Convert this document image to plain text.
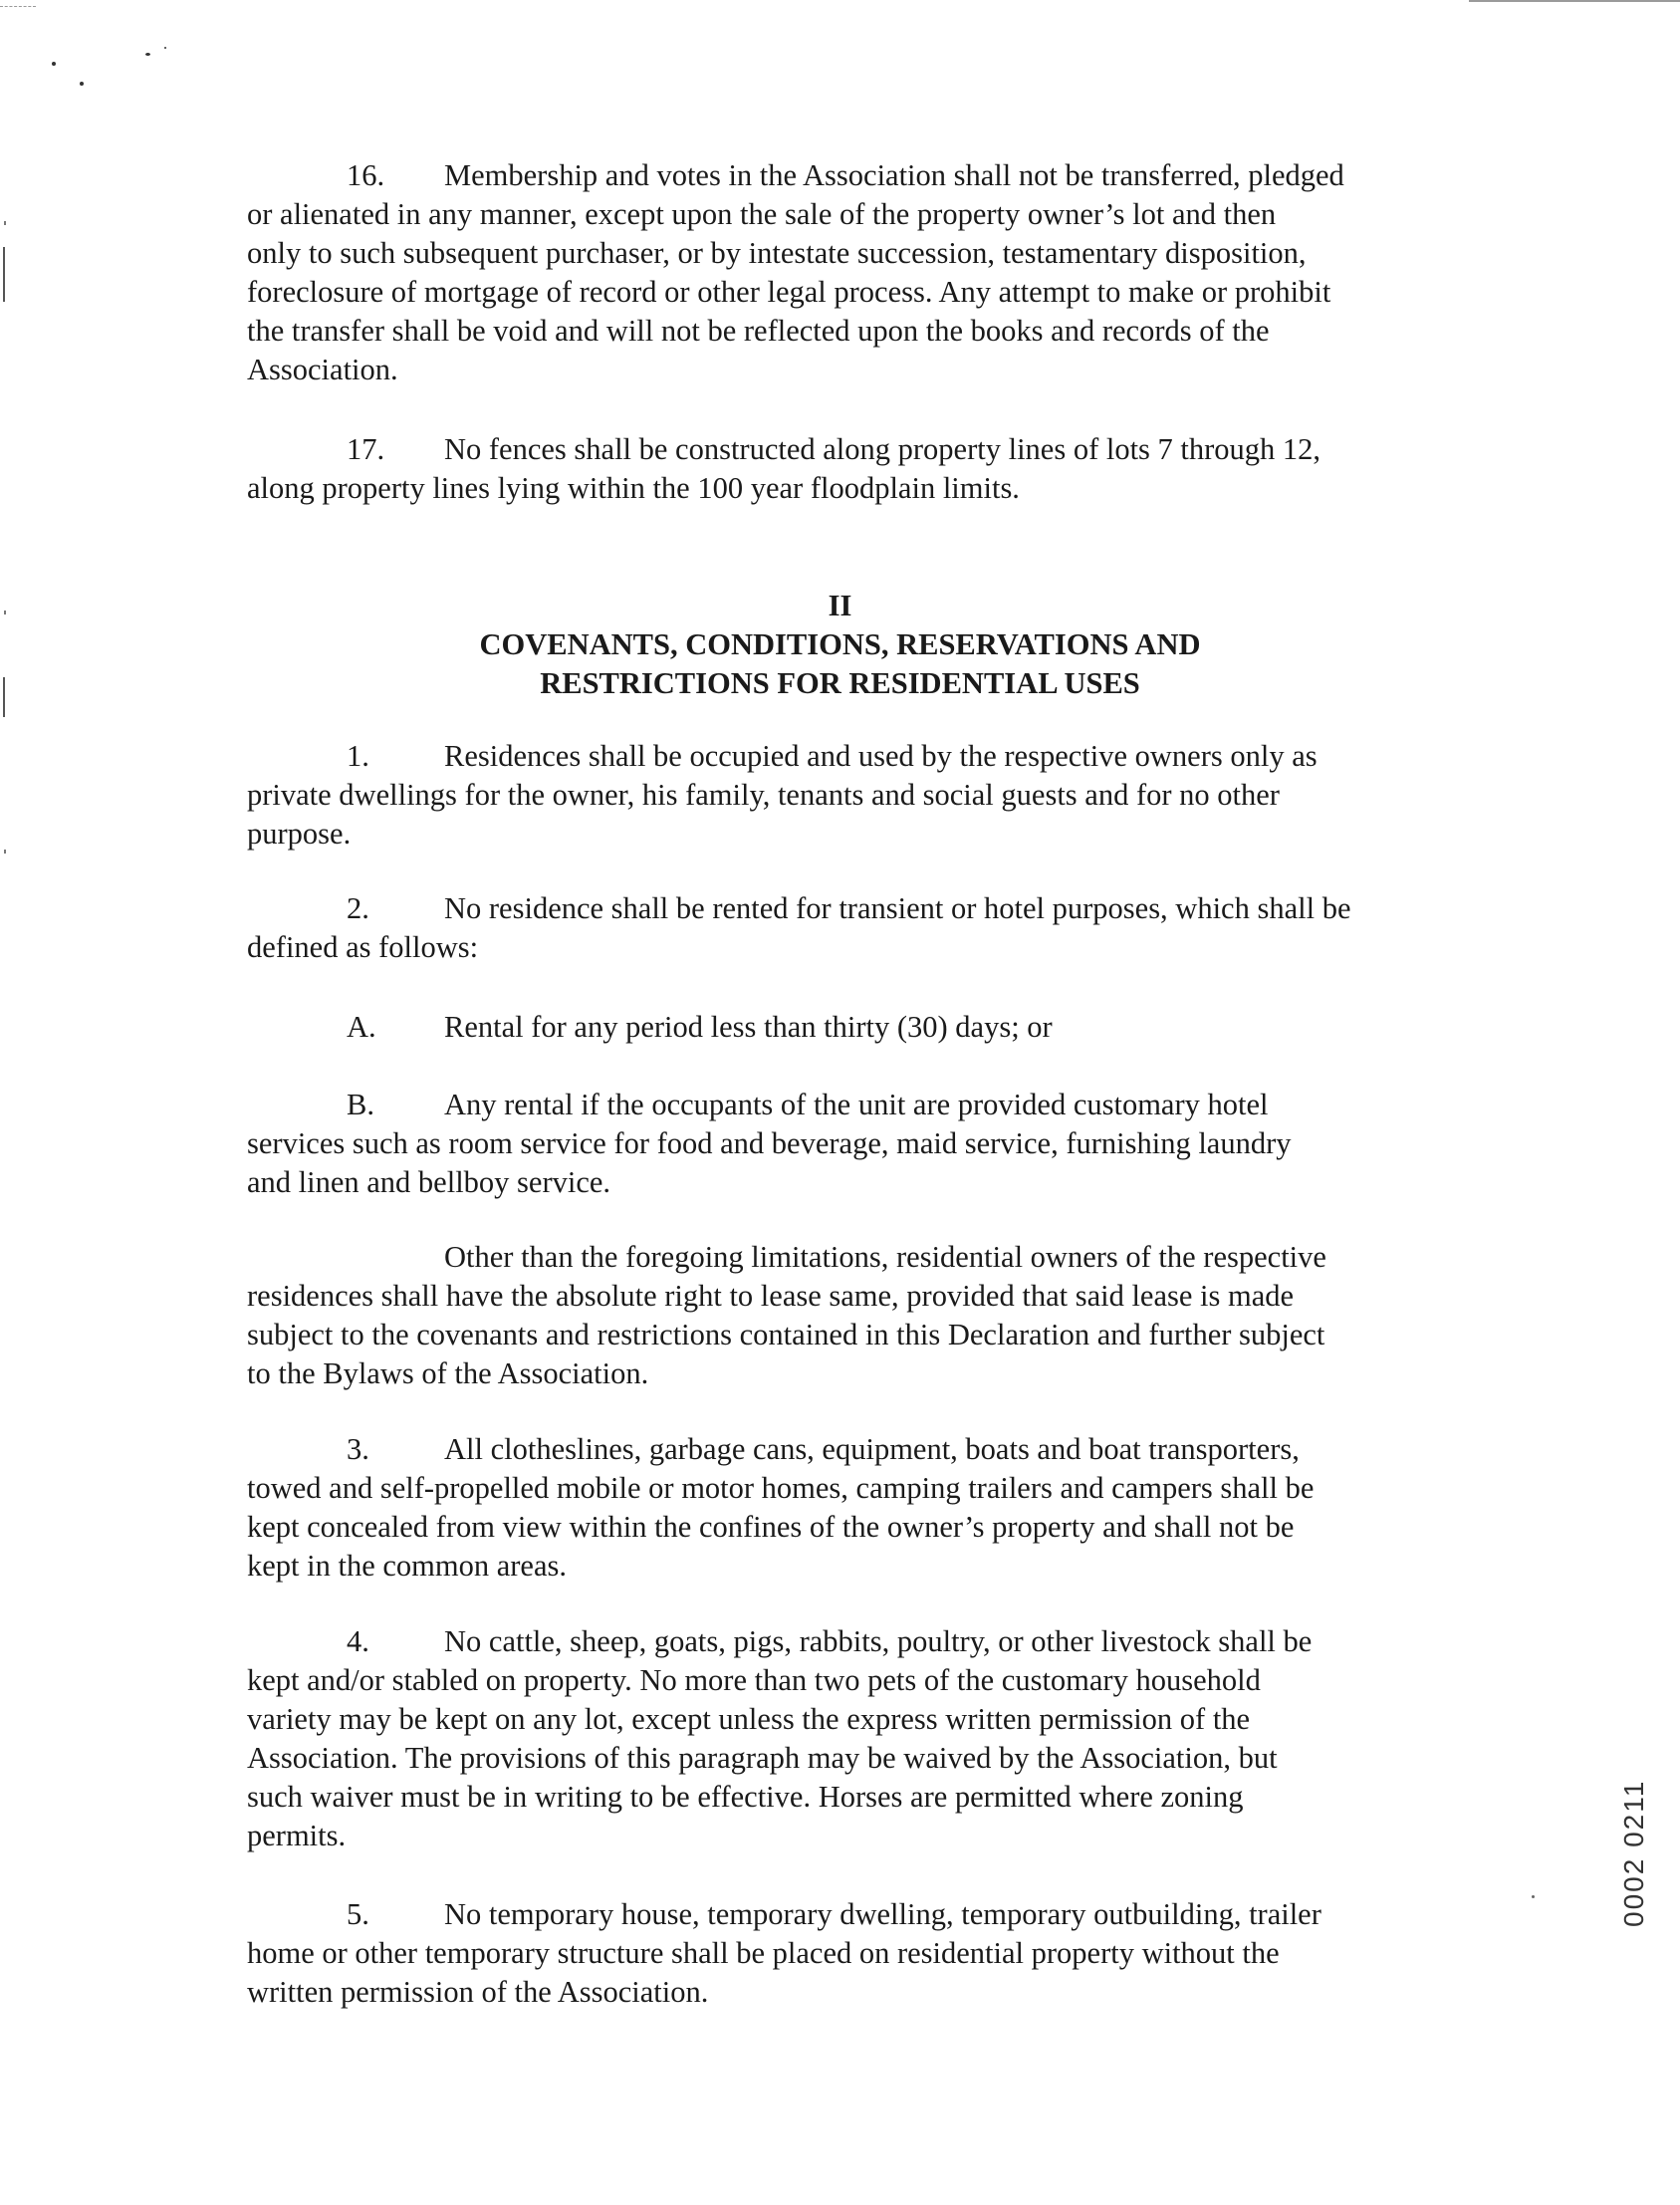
16. Membership and votes in the Association shall not be transferred, pledged
or alienated in any manner, except upon the sale of the property owner’s lot and then
only to such subsequent purchaser, or by intestate succession, testamentary disposition,
foreclosure of mortgage of record or other legal process. Any attempt to make or prohibit
the transfer shall be void and will not be reflected upon the books and records of the
Association.
17. No fences shall be constructed along property lines of lots 7 through 12,
along property lines lying within the 100 year floodplain limits.
II
COVENANTS, CONDITIONS, RESERVATIONS AND
RESTRICTIONS FOR RESIDENTIAL USES
1. Residences shall be occupied and used by the respective owners only as
private dwellings for the owner, his family, tenants and social guests and for no other
purpose.
2. No residence shall be rented for transient or hotel purposes, which shall be
defined as follows:
A. Rental for any period less than thirty (30) days; or
B. Any rental if the occupants of the unit are provided customary hotel
services such as room service for food and beverage, maid service, furnishing laundry
and linen and bellboy service.
Other than the foregoing limitations, residential owners of the respective
residences shall have the absolute right to lease same, provided that said lease is made
subject to the covenants and restrictions contained in this Declaration and further subject
to the Bylaws of the Association.
3. All clotheslines, garbage cans, equipment, boats and boat transporters,
towed and self-propelled mobile or motor homes, camping trailers and campers shall be
kept concealed from view within the confines of the owner’s property and shall not be
kept in the common areas.
4. No cattle, sheep, goats, pigs, rabbits, poultry, or other livestock shall be
kept and/or stabled on property. No more than two pets of the customary household
variety may be kept on any lot, except unless the express written permission of the
Association. The provisions of this paragraph may be waived by the Association, but
such waiver must be in writing to be effective. Horses are permitted where zoning
permits.
5. No temporary house, temporary dwelling, temporary outbuilding, trailer
home or other temporary structure shall be placed on residential property without the
written permission of the Association.
0002 0211
